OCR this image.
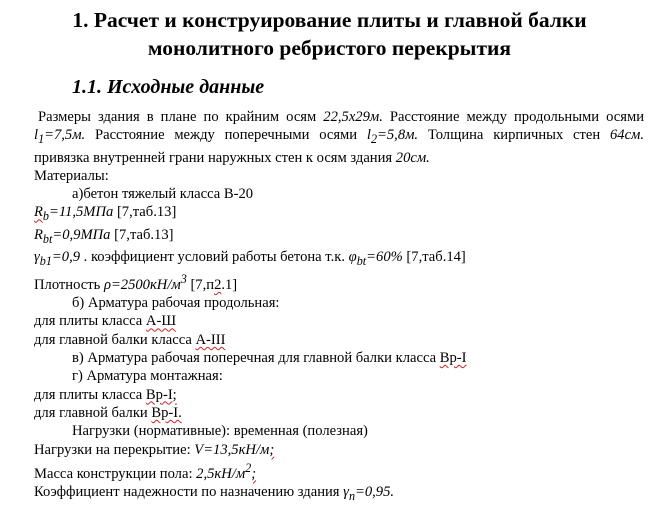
1. Расчет и конструирование плиты и главной балки
монолитного ребристого перекрытия
1.1. Исходные данные
Размеры здания в плане по крайним осям 22,5х29м. Расстояние между продольными осями $l_1=7,5м$. Расстояние между поперечными осями $l_2=5,8м$. Толщина кирпичных стен 64см. привязка внутренней грани наружных стен к осям здания 20см.
Материалы:
а)бетон тяжелый класса В-20
$R_b=11,5МПа$ [7,таб.13]
$R_{bt}=0,9МПа$ [7,таб.13]
$\gamma_{b1}=0,9$ . коэффициент условий работы бетона т.к. $\varphi_{bt}=60\%$ [7,таб.14]
Плотность $\rho=2500кН/м^3$ [7,п2.1]
б) Арматура рабочая продольная:
для плиты класса А-Ш
для главной балки класса А-III
в) Арматура рабочая поперечная для главной балки класса Вр-I
г) Арматура монтажная:
для плиты класса Вр-I;
для главной балки Вр-I.
Нагрузки (нормативные): временная (полезная)
Нагрузки на перекрытие: V=13,5кН/м;
Масса конструкции пола: $2,5кН/м^2$;
Коэффициент надежности по назначению здания $\gamma_n=0,95$.
